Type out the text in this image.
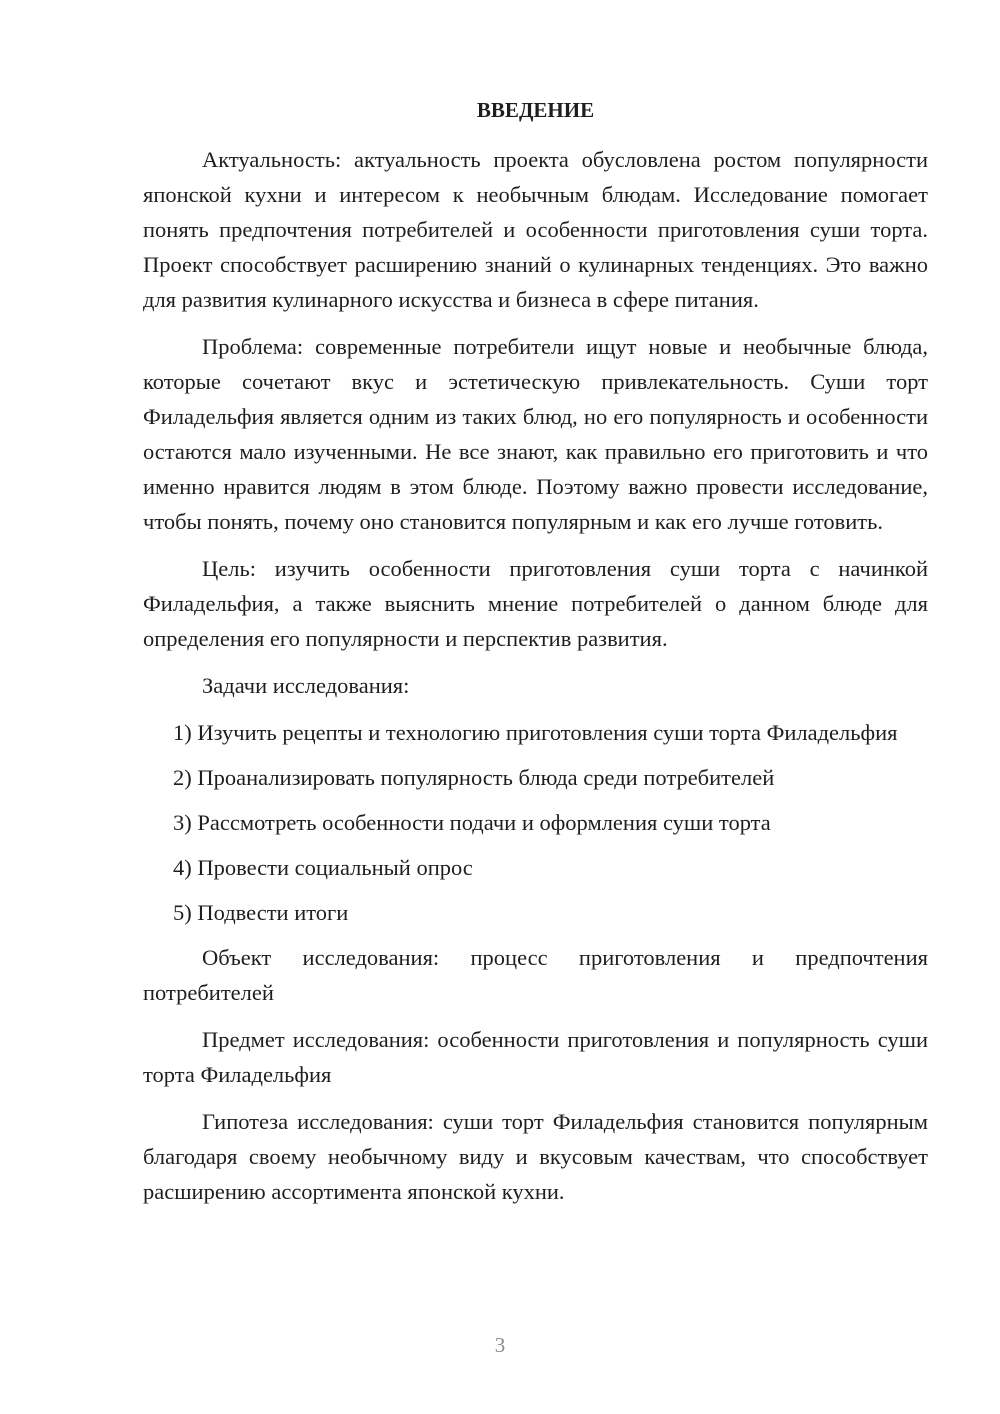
ВВЕДЕНИЕ

Актуальность: актуальность проекта обусловлена ростом популярности японской кухни и интересом к необычным блюдам. Исследование помогает понять предпочтения потребителей и особенности приготовления суши торта. Проект способствует расширению знаний о кулинарных тенденциях. Это важно для развития кулинарного искусства и бизнеса в сфере питания.

Проблема: современные потребители ищут новые и необычные блюда, которые сочетают вкус и эстетическую привлекательность. Суши торт Филадельфия является одним из таких блюд, но его популярность и особенности остаются мало изученными. Не все знают, как правильно его приготовить и что именно нравится людям в этом блюде. Поэтому важно провести исследование, чтобы понять, почему оно становится популярным и как его лучше готовить.

Цель: изучить особенности приготовления суши торта с начинкой Филадельфия, а также выяснить мнение потребителей о данном блюде для определения его популярности и перспектив развития.

Задачи исследования:

1) Изучить рецепты и технологию приготовления суши торта Филадельфия
2) Проанализировать популярность блюда среди потребителей
3) Рассмотреть особенности подачи и оформления суши торта
4) Провести социальный опрос
5) Подвести итоги

Объект исследования: процесс приготовления и предпочтения потребителей

Предмет исследования: особенности приготовления и популярность суши торта Филадельфия

Гипотеза исследования: суши торт Филадельфия становится популярным благодаря своему необычному виду и вкусовым качествам, что способствует расширению ассортимента японской кухни.

3
